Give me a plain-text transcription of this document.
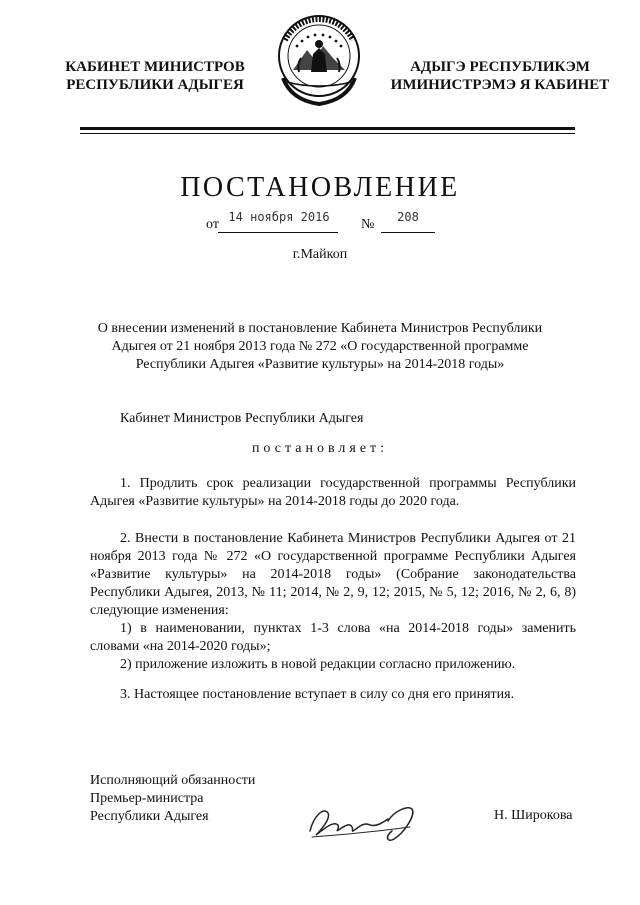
КАБИНЕТ МИНИСТРОВ
РЕСПУБЛИКИ АДЫГЕЯ
АДЫГЭ РЕСПУБЛИКЭМ
ИМИНИСТРЭМЭ Я КАБИНЕТ
ПОСТАНОВЛЕНИЕ
от 14 ноября 2016	№	208
г.Майкоп
О внесении изменений в постановление Кабинета Министров Республики Адыгея от 21 ноября 2013 года № 272 «О государственной программе Республики Адыгея «Развитие культуры» на 2014-2018 годы»
Кабинет Министров Республики Адыгея
постановляет:
1. Продлить срок реализации государственной программы Республики Адыгея «Развитие культуры» на 2014-2018 годы до 2020 года.
2. Внести в постановление Кабинета Министров Республики Адыгея от 21 ноября 2013 года № 272 «О государственной программе Республики Адыгея «Развитие культуры» на 2014-2018 годы» (Собрание законодательства Республики Адыгея, 2013, № 11; 2014, № 2, 9, 12; 2015, № 5, 12; 2016, № 2, 6, 8) следующие изменения:
1) в наименовании, пунктах 1-3 слова «на 2014-2018 годы» заменить словами «на 2014-2020 годы»;
2) приложение изложить в новой редакции согласно приложению.
3. Настоящее постановление вступает в силу со дня его принятия.
Исполняющий обязанности
Премьер-министра
Республики Адыгея	Н. Широкова
